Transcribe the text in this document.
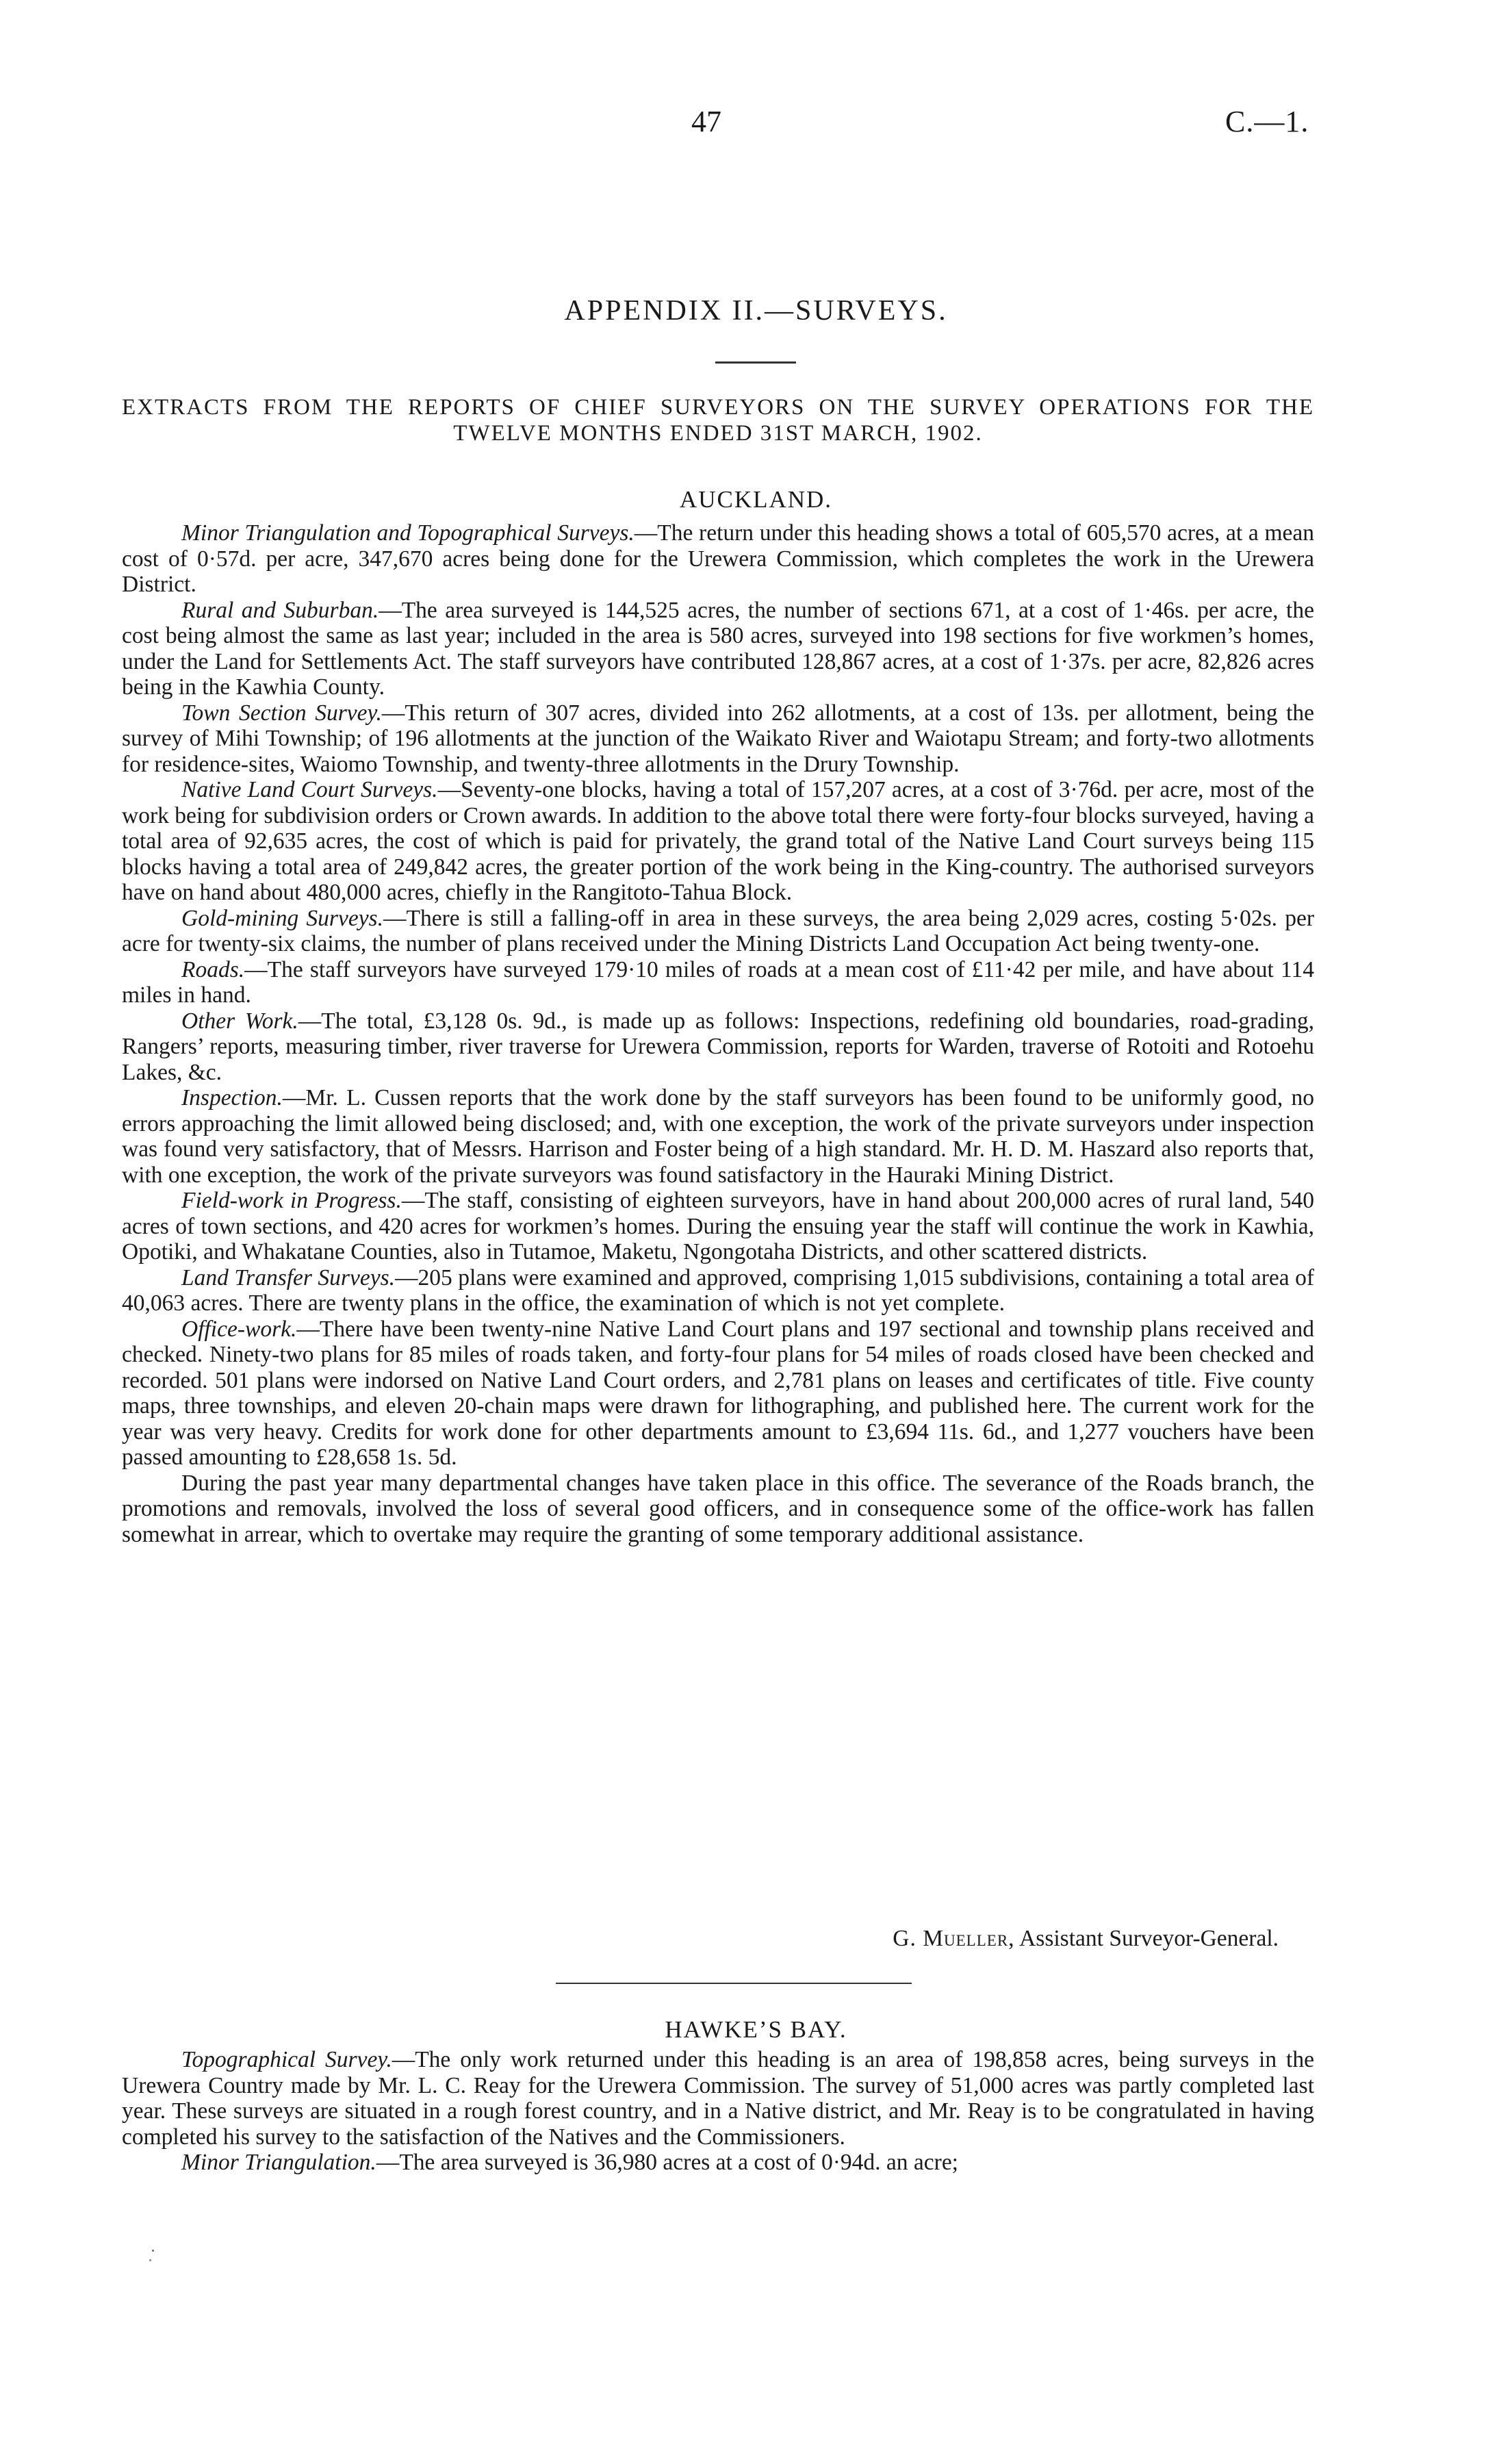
47	C.—1.
APPENDIX II.—SURVEYS.
EXTRACTS FROM THE REPORTS OF CHIEF SURVEYORS ON THE SURVEY OPERATIONS FOR THE TWELVE MONTHS ENDED 31ST MARCH, 1902.
AUCKLAND.

Minor Triangulation and Topographical Surveys.—The return under this heading shows a total of 605,570 acres, at a mean cost of 0·57d. per acre, 347,670 acres being done for the Urewera Commission, which completes the work in the Urewera District.

Rural and Suburban.—The area surveyed is 144,525 acres, the number of sections 671, at a cost of 1·46s. per acre, the cost being almost the same as last year; included in the area is 580 acres, surveyed into 198 sections for five workmen’s homes, under the Land for Settlements Act. The staff surveyors have contributed 128,867 acres, at a cost of 1·37s. per acre, 82,826 acres being in the Kawhia County.

Town Section Survey.—This return of 307 acres, divided into 262 allotments, at a cost of 13s. per allotment, being the survey of Mihi Township; of 196 allotments at the junction of the Waikato River and Waiotapu Stream; and forty-two allotments for residence-sites, Waiomo Township, and twenty-three allotments in the Drury Township.

Native Land Court Surveys.—Seventy-one blocks, having a total of 157,207 acres, at a cost of 3·76d. per acre, most of the work being for subdivision orders or Crown awards. In addition to the above total there were forty-four blocks surveyed, having a total area of 92,635 acres, the cost of which is paid for privately, the grand total of the Native Land Court surveys being 115 blocks having a total area of 249,842 acres, the greater portion of the work being in the King-country. The authorised surveyors have on hand about 480,000 acres, chiefly in the Rangitoto-Tahua Block.

Gold-mining Surveys.—There is still a falling-off in area in these surveys, the area being 2,029 acres, costing 5·02s. per acre for twenty-six claims, the number of plans received under the Mining Districts Land Occupation Act being twenty-one.

Roads.—The staff surveyors have surveyed 179·10 miles of roads at a mean cost of £11·42 per mile, and have about 114 miles in hand.

Other Work.—The total, £3,128 0s. 9d., is made up as follows: Inspections, redefining old boundaries, road-grading, Rangers’ reports, measuring timber, river traverse for Urewera Commission, reports for Warden, traverse of Rotoiti and Rotoehu Lakes, &c.

Inspection.—Mr. L. Cussen reports that the work done by the staff surveyors has been found to be uniformly good, no errors approaching the limit allowed being disclosed; and, with one exception, the work of the private surveyors under inspection was found very satisfactory, that of Messrs. Harrison and Foster being of a high standard. Mr. H. D. M. Haszard also reports that, with one exception, the work of the private surveyors was found satisfactory in the Hauraki Mining District.

Field-work in Progress.—The staff, consisting of eighteen surveyors, have in hand about 200,000 acres of rural land, 540 acres of town sections, and 420 acres for workmen’s homes. During the ensuing year the staff will continue the work in Kawhia, Opotiki, and Whakatane Counties, also in Tutamoe, Maketu, Ngongotaha Districts, and other scattered districts.

Land Transfer Surveys.—205 plans were examined and approved, comprising 1,015 subdivisions, containing a total area of 40,063 acres. There are twenty plans in the office, the examination of which is not yet complete.

Office-work.—There have been twenty-nine Native Land Court plans and 197 sectional and township plans received and checked. Ninety-two plans for 85 miles of roads taken, and forty-four plans for 54 miles of roads closed have been checked and recorded. 501 plans were indorsed on Native Land Court orders, and 2,781 plans on leases and certificates of title. Five county maps, three townships, and eleven 20-chain maps were drawn for lithographing, and published here. The current work for the year was very heavy. Credits for work done for other departments amount to £3,694 11s. 6d., and 1,277 vouchers have been passed amounting to £28,658 1s. 5d.

During the past year many departmental changes have taken place in this office. The severance of the Roads branch, the promotions and removals, involved the loss of several good officers, and in consequence some of the office-work has fallen somewhat in arrear, which to overtake may require the granting of some temporary additional assistance.

G. Mueller, Assistant Surveyor-General.
HAWKE’S BAY.

Topographical Survey.—The only work returned under this heading is an area of 198,858 acres, being surveys in the Urewera Country made by Mr. L. C. Reay for the Urewera Commission. The survey of 51,000 acres was partly completed last year. These surveys are situated in a rough forest country, and in a Native district, and Mr. Reay is to be congratulated in having completed his survey to the satisfaction of the Natives and the Commissioners.

Minor Triangulation.—The area surveyed is 36,980 acres at a cost of 0·94d. an acre;
